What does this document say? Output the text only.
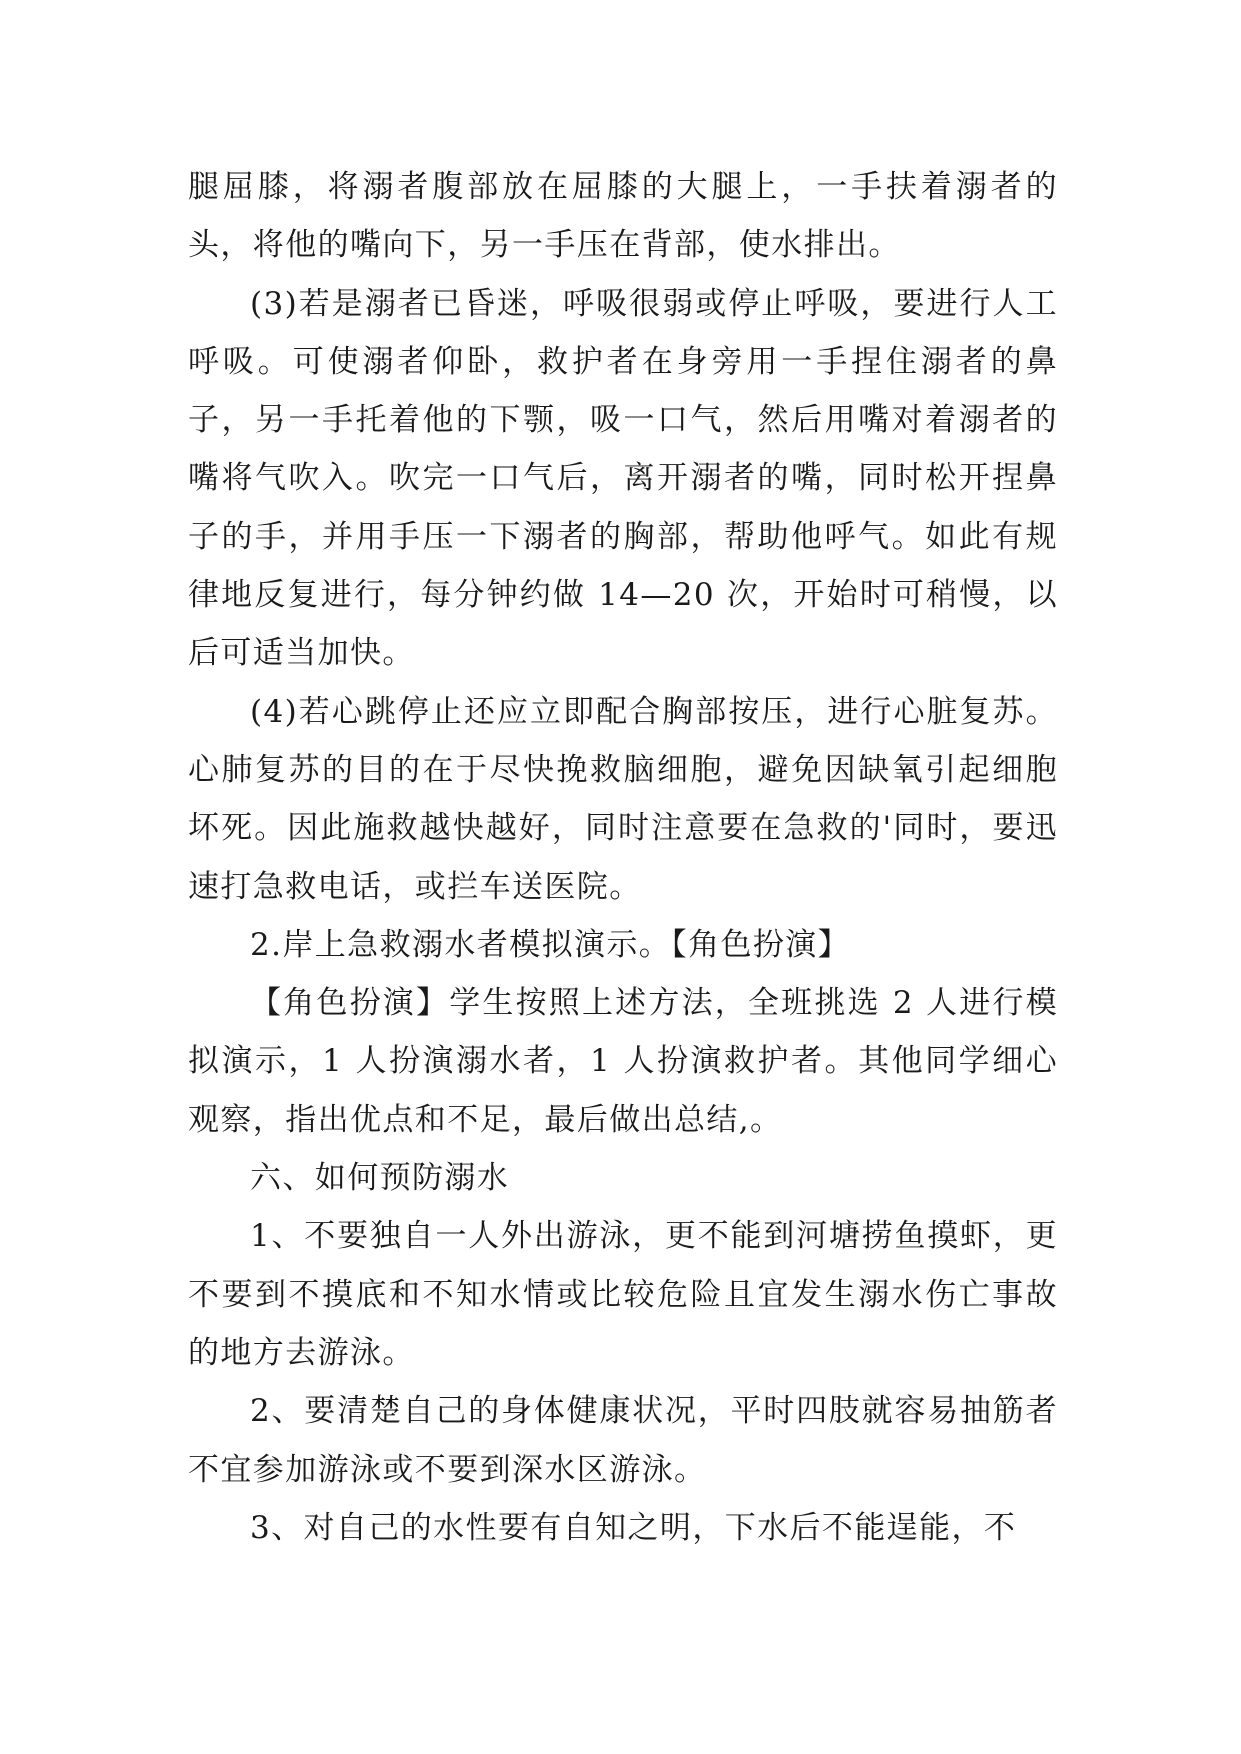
腿屈膝，将溺者腹部放在屈膝的大腿上，一手扶着溺者的头，将他的嘴向下，另一手压在背部，使水排出。

(3)若是溺者已昏迷，呼吸很弱或停止呼吸，要进行人工呼吸。可使溺者仰卧，救护者在身旁用一手捏住溺者的鼻子，另一手托着他的下颚，吸一口气，然后用嘴对着溺者的嘴将气吹入。吹完一口气后，离开溺者的嘴，同时松开捏鼻子的手，并用手压一下溺者的胸部，帮助他呼气。如此有规律地反复进行，每分钟约做 14—20 次，开始时可稍慢，以后可适当加快。

(4)若心跳停止还应立即配合胸部按压，进行心脏复苏。心肺复苏的目的在于尽快挽救脑细胞，避免因缺氧引起细胞坏死。因此施救越快越好，同时注意要在急救的'同时，要迅速打急救电话，或拦车送医院。

2.岸上急救溺水者模拟演示。【角色扮演】

【角色扮演】学生按照上述方法，全班挑选 2 人进行模拟演示，1 人扮演溺水者，1 人扮演救护者。其他同学细心观察，指出优点和不足，最后做出总结,。

六、如何预防溺水

1、不要独自一人外出游泳，更不能到河塘捞鱼摸虾，更不要到不摸底和不知水情或比较危险且宜发生溺水伤亡事故的地方去游泳。

2、要清楚自己的身体健康状况，平时四肢就容易抽筋者不宜参加游泳或不要到深水区游泳。

3、对自己的水性要有自知之明，下水后不能逞能，不
